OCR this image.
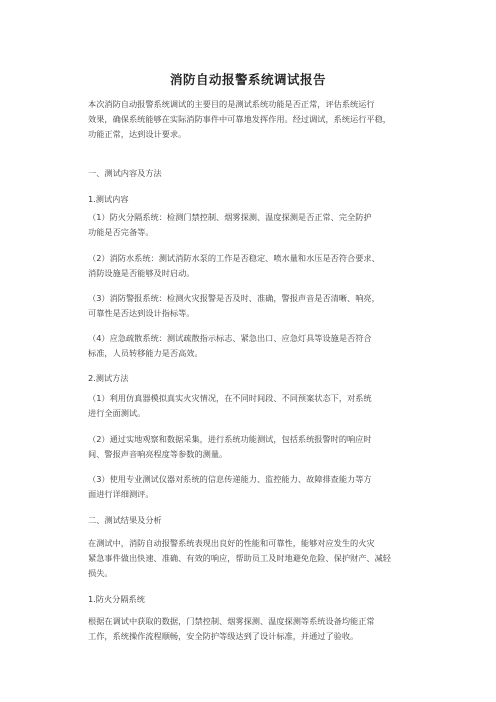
消防自动报警系统调试报告
本次消防自动报警系统调试的主要目的是测试系统功能是否正常，评估系统运行
效果，确保系统能够在实际消防事件中可靠地发挥作用。经过调试，系统运行平稳，
功能正常，达到设计要求。
一、测试内容及方法
1.测试内容
（1）防火分隔系统：检测门禁控制、烟雾探测、温度探测是否正常、完全防护
功能是否完备等。
（2）消防水系统：测试消防水泵的工作是否稳定、喷水量和水压是否符合要求、
消防设施是否能够及时启动。
（3）消防警报系统：检测火灾报警是否及时、准确，警报声音是否清晰、响亮，
可靠性是否达到设计指标等。
（4）应急疏散系统：测试疏散指示标志、紧急出口、应急灯具等设施是否符合
标准，人员转移能力是否高效。
2.测试方法
（1）利用仿真器模拟真实火灾情况，在不同时间段、不同预案状态下，对系统
进行全面测试。
（2）通过实地观察和数据采集，进行系统功能测试，包括系统报警时的响应时
间、警报声音响亮程度等参数的测量。
（3）使用专业测试仪器对系统的信息传递能力、监控能力、故障排查能力等方
面进行详细测评。
二、测试结果及分析
在测试中，消防自动报警系统表现出良好的性能和可靠性，能够对应发生的火灾
紧急事件做出快速、准确、有效的响应，帮助员工及时地避免危险、保护财产、减轻
损失。
1.防火分隔系统
根据在调试中获取的数据，门禁控制、烟雾探测、温度探测等系统设备均能正常
工作，系统操作流程顺畅，安全防护等级达到了设计标准，并通过了验收。
